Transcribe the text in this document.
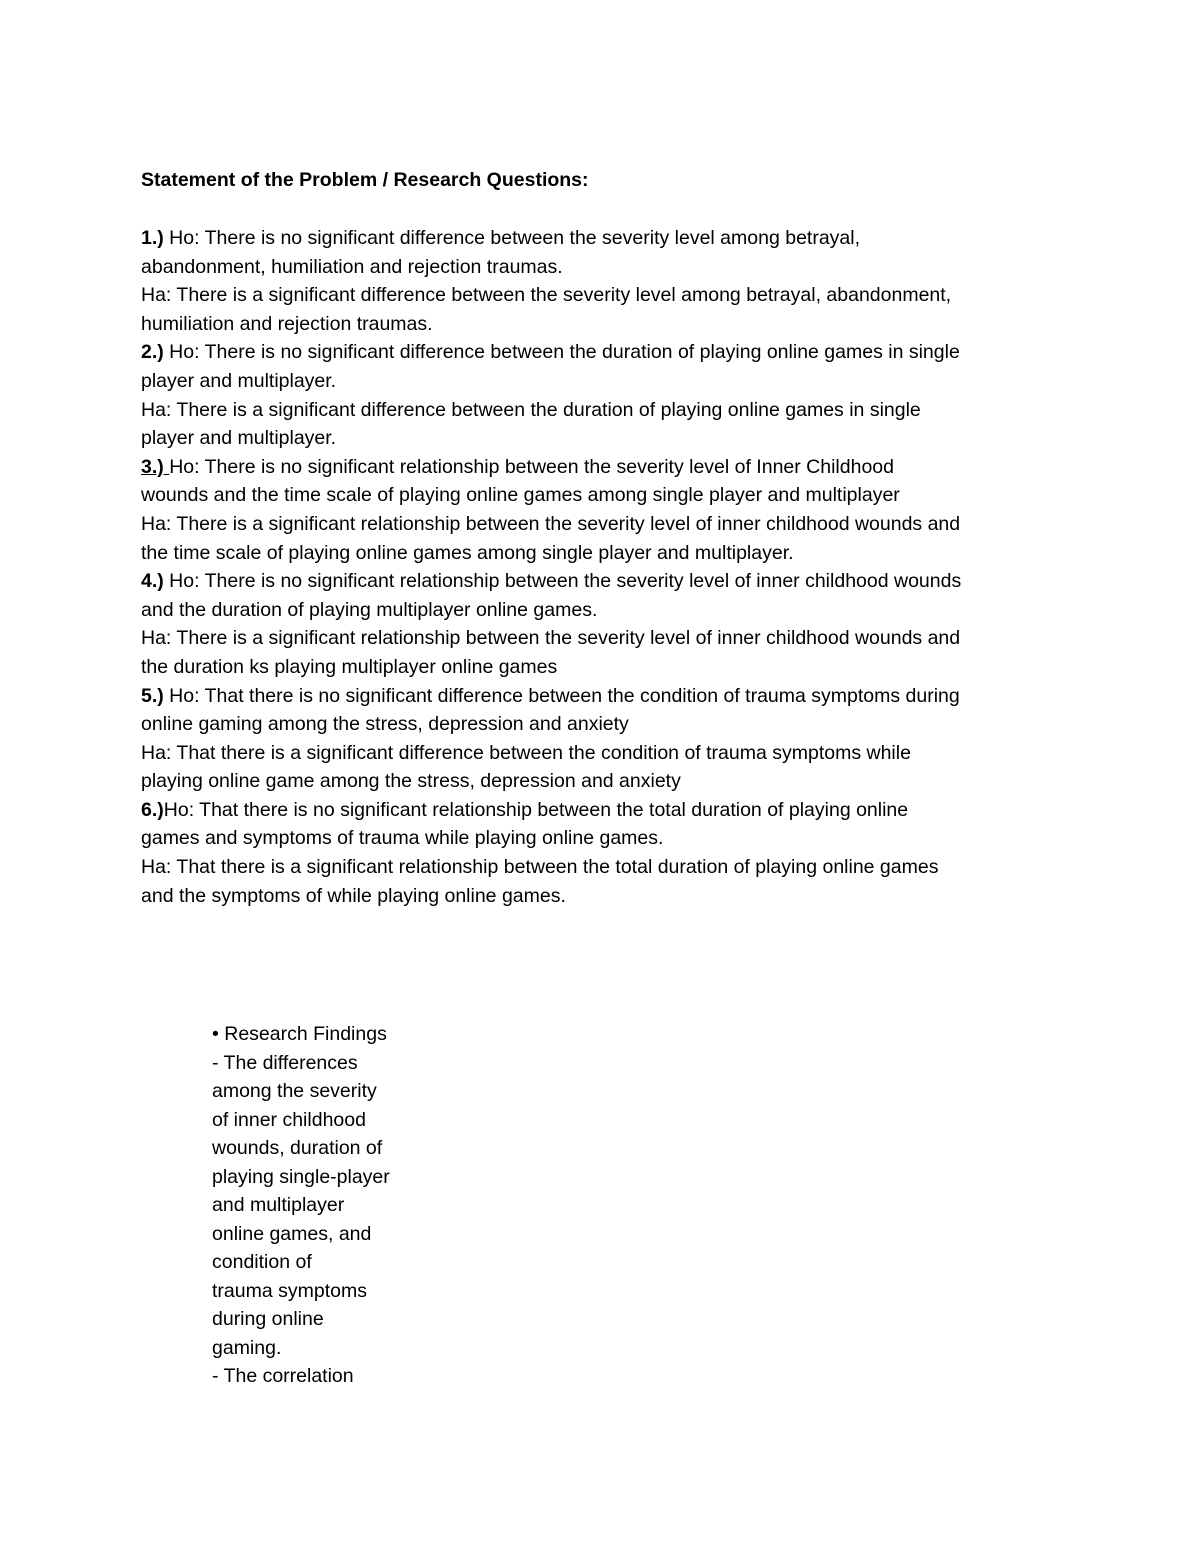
Statement of the Problem / Research Questions:
1.) Ho: There is no significant difference between the severity level among betrayal,
abandonment, humiliation and rejection traumas.
Ha: There is a significant difference between the severity level among betrayal, abandonment,
humiliation and rejection traumas.
2.) Ho: There is no significant difference between the duration of playing online games in single
player and multiplayer.
Ha: There is a significant difference between the duration of playing online games in single
player and multiplayer.
3.) Ho: There is no significant relationship between the severity level of Inner Childhood
wounds and the time scale of playing online games among single player and multiplayer
Ha: There is a significant relationship between the severity level of inner childhood wounds and
the time scale of playing online games among single player and multiplayer.
4.) Ho: There is no significant relationship between the severity level of inner childhood wounds
and the duration of playing multiplayer online games.
Ha: There is a significant relationship between the severity level of inner childhood wounds and
the duration ks playing multiplayer online games
5.) Ho: That there is no significant difference between the condition of trauma symptoms during
online gaming among the stress, depression and anxiety
Ha: That there is a significant difference between the condition of trauma symptoms while
playing online game among the stress, depression and anxiety
6.)Ho: That there is no significant relationship between the total duration of playing online
games and symptoms of trauma while playing online games.
Ha: That there is a significant relationship between the total duration of playing online games
and the symptoms of while playing online games.
• Research Findings
- The differences
among the severity
of inner childhood
wounds, duration of
playing single-player
and multiplayer
online games, and
condition of
trauma symptoms
during online
gaming.
- The correlation
